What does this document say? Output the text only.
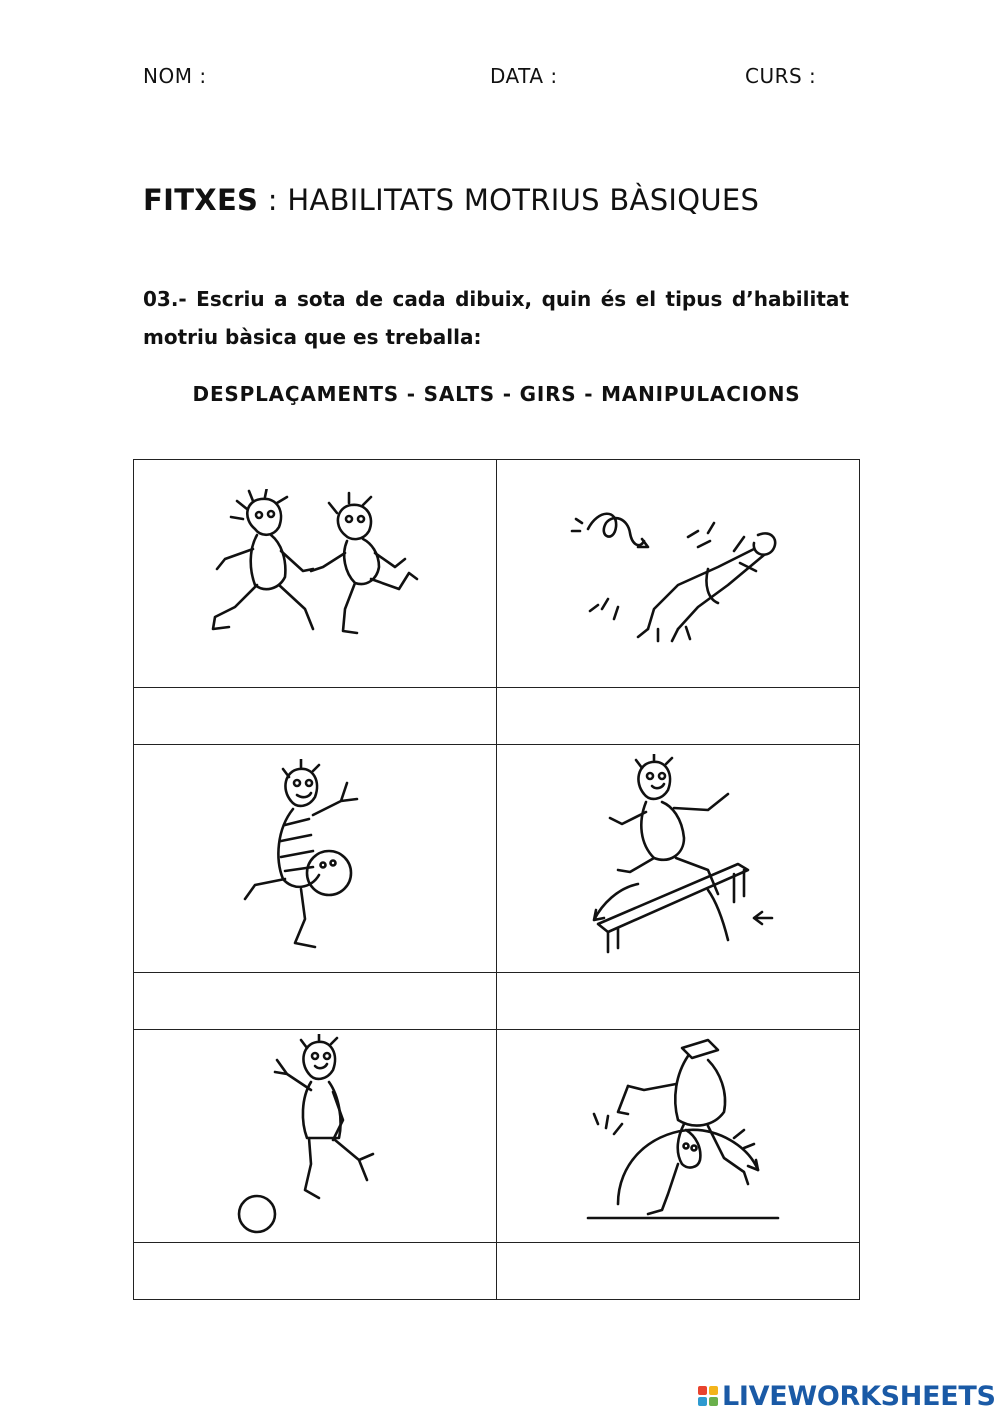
NOM :	DATA :	CURS :
FITXES : HABILITATS MOTRIUS BÀSIQUES
03.- Escriu a sota de cada dibuix, quin és el tipus d’habilitat motriu bàsica que es treballa:
DESPLAÇAMENTS - SALTS - GIRS - MANIPULACIONS

LIVEWORKSHEETS
